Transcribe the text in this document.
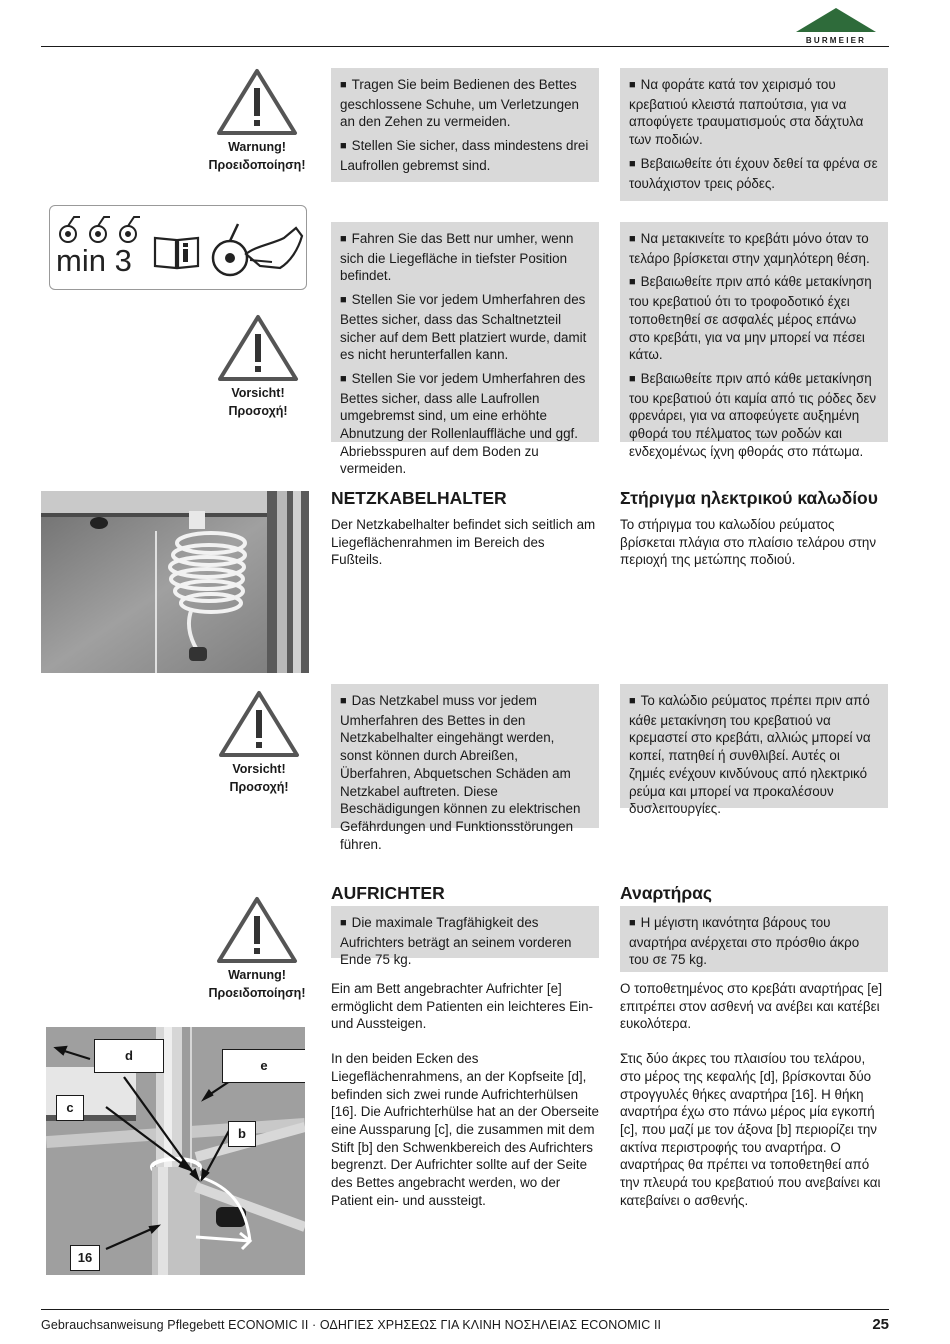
BURMEIER
Warnung!
Προειδοποίηση!

■ Tragen Sie beim Bedienen des Bettes geschlossene Schuhe, um Verletzungen an den Zehen zu vermeiden.

■ Stellen Sie sicher, dass mindestens drei Laufrollen gebremst sind.

■ Να φοράτε κατά τον χειρισμό του κρεβατιού κλειστά παπούτσια, για να αποφύγετε τραυματισμούς στα δάχτυλα των ποδιών.

■ Βεβαιωθείτε ότι έχουν δεθεί τα φρένα σε τουλάχιστον τρεις ρόδες.

min 3
Vorsicht!
Προσοχή!

■ Fahren Sie das Bett nur umher, wenn sich die Liegefläche in tiefster Position befindet.

■ Stellen Sie vor jedem Umherfahren des Bettes sicher, dass das Schaltnetzteil sicher auf dem Bett platziert wurde, damit es nicht herunterfallen kann.

■ Stellen Sie vor jedem Umherfahren des Bettes sicher, dass alle Laufrollen umgebremst sind, um eine erhöhte Abnutzung der Rollenlauffläche und ggf. Abriebsspuren auf dem Boden zu vermeiden.

■ Να μετακινείτε το κρεβάτι μόνο όταν το τελάρο βρίσκεται στην χαμηλότερη θέση.

■ Βεβαιωθείτε πριν από κάθε μετακίνηση του κρεβατιού ότι το τροφοδοτικό έχει τοποθετηθεί σε ασφαλές μέρος επάνω στο κρεβάτι, για να μην μπορεί να πέσει κάτω.

■ Βεβαιωθείτε πριν από κάθε μετακίνηση του κρεβατιού ότι καμία από τις ρόδες δεν φρενάρει, για να αποφεύγετε αυξημένη φθορά του πέλματος των ροδών και ενδεχομένως ίχνη φθοράς στο πάτωμα.

NETZKABELHALTER	Στήριγμα ηλεκτρικού καλωδίου
Der Netzkabelhalter befindet sich seitlich am Liegeflächenrahmen im Bereich des Fußteils.
Το στήριγμα του καλωδίου ρεύματος βρίσκεται πλάγια στο πλαίσιο τελάρου στην περιοχή της μετώπης ποδιού.
Vorsicht!
Προσοχή!

■ Das Netzkabel muss vor jedem Umherfahren des Bettes in den Netzkabelhalter eingehängt werden, sonst können durch Abreißen, Überfahren, Abquetschen Schäden am Netzkabel auftreten. Diese Beschädigungen können zu elektrischen Gefährdungen und Funktionsstörungen führen.

■ Το καλώδιο ρεύματος πρέπει πριν από κάθε μετακίνηση του κρεβατιού να κρεμαστεί στο κρεβάτι, αλλιώς μπορεί να κοπεί, πατηθεί ή συνθλιβεί. Αυτές οι ζημιές ενέχουν κινδύνους από ηλεκτρικό ρεύμα και μπορεί να προκαλέσουν δυσλειτουργίες.

AUFRICHTER	Αναρτήρας
Warnung!
Προειδοποίηση!

■ Die maximale Tragfähigkeit des Aufrichters beträgt an seinem vorderen Ende 75 kg.

■ Η μέγιστη ικανότητα βάρους του αναρτήρα ανέρχεται στο πρόσθιο άκρο του σε 75 kg.

Ein am Bett angebrachter Aufrichter [e] ermöglicht dem Patienten ein leichteres Ein- und Aussteigen.

In den beiden Ecken des Liegeflächenrahmens, an der Kopfseite [d], befinden sich zwei runde Aufrichterhülsen [16]. Die Aufrichterhülse hat an der Oberseite eine Aussparung [c], die zusammen mit dem Stift [b] den Schwenkbereich des Aufrichters begrenzt. Der Aufrichter sollte auf der Seite des Bettes angebracht werden, wo der Patient ein- und aussteigt.

Ο τοποθετημένος στο κρεβάτι αναρτήρας [e] επιτρέπει στον ασθενή να ανέβει και κατέβει ευκολότερα.

Στις δύο άκρες του πλαισίου του τελάρου, στο μέρος της κεφαλής [d], βρίσκονται δύο στρογγυλές θήκες αναρτήρα [16]. Η θήκη αναρτήρα έχω στο πάνω μέρος μία εγκοπή [c], που μαζί με τον άξονα [b] περιορίζει την ακτίνα περιστροφής του αναρτήρα. Ο αναρτήρας θα πρέπει να τοποθετηθεί από την πλευρά του κρεβατιού που ανεβαίνει και κατεβαίνει ο ασθενής.

d
e
c
b
16
Gebrauchsanweisung Pflegebett ECONOMIC II · ΟΔΗΓΙΕΣ ΧΡΗΣΕΩΣ ΓΙΑ ΚΛΙΝΗ ΝΟΣΗΛΕΙΑΣ ECONOMIC II	25
